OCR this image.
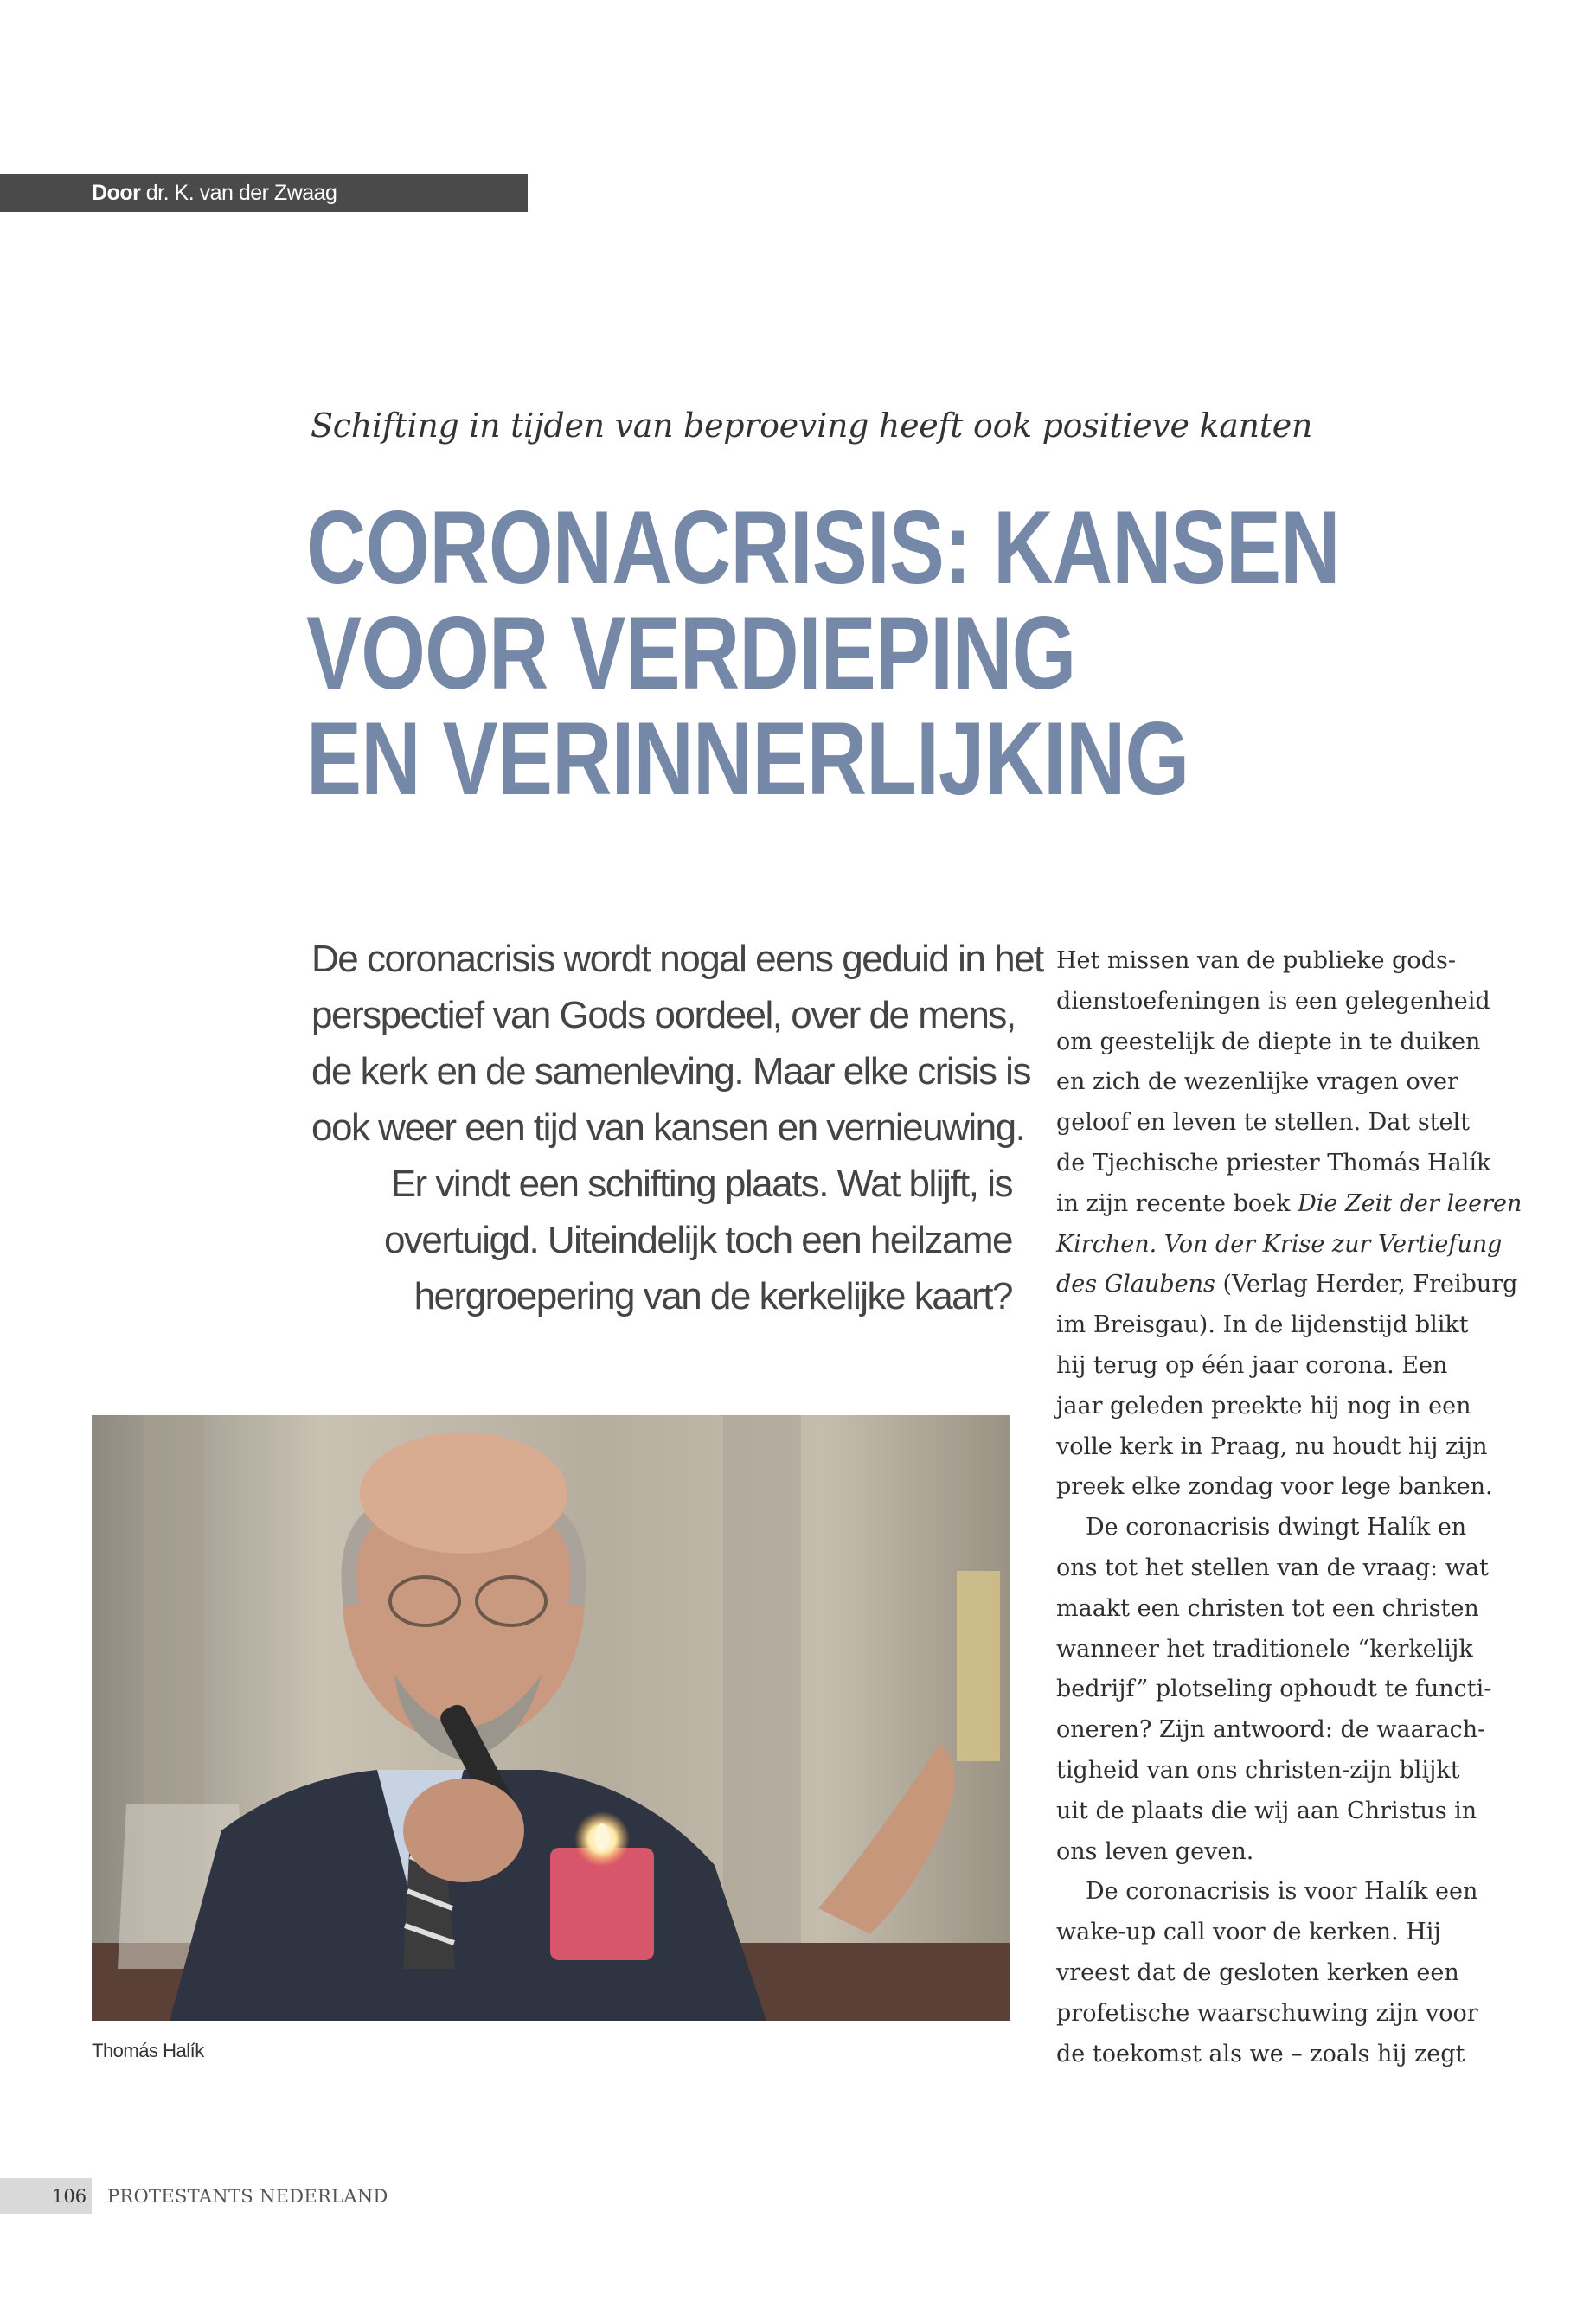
Door dr. K. van der Zwaag
Schifting in tijden van beproeving heeft ook positieve kanten
CORONACRISIS: KANSEN
VOOR VERDIEPING
EN VERINNERLIJKING
De coronacrisis wordt nogal eens geduid in het
perspectief van Gods oordeel, over de mens,
de kerk en de samenleving. Maar elke crisis is
ook weer een tijd van kansen en vernieuwing.
Er vindt een schifting plaats. Wat blijft, is
overtuigd. Uiteindelijk toch een heilzame
hergroepering van de kerkelijke kaart?
Thomás Halík
Het missen van de publieke gods-
dienstoefeningen is een gelegenheid
om geestelijk de diepte in te duiken
en zich de wezenlijke vragen over
geloof en leven te stellen. Dat stelt
de Tjechische priester Thomás Halík
in zijn recente boek Die Zeit der leeren
Kirchen. Von der Krise zur Vertiefung
des Glaubens (Verlag Herder, Freiburg
im Breisgau). In de lijdenstijd blikt
hij terug op één jaar corona. Een
jaar geleden preekte hij nog in een
volle kerk in Praag, nu houdt hij zijn
preek elke zondag voor lege banken.
De coronacrisis dwingt Halík en
ons tot het stellen van de vraag: wat
maakt een christen tot een christen
wanneer het traditionele “kerkelijk
bedrijf” plotseling ophoudt te functi-
oneren? Zijn antwoord: de waarach-
tigheid van ons christen-zijn blijkt
uit de plaats die wij aan Christus in
ons leven geven.
De coronacrisis is voor Halík een
wake-up call voor de kerken. Hij
vreest dat de gesloten kerken een
profetische waarschuwing zijn voor
de toekomst als we – zoals hij zegt
106 PROTESTANTS NEDERLAND
